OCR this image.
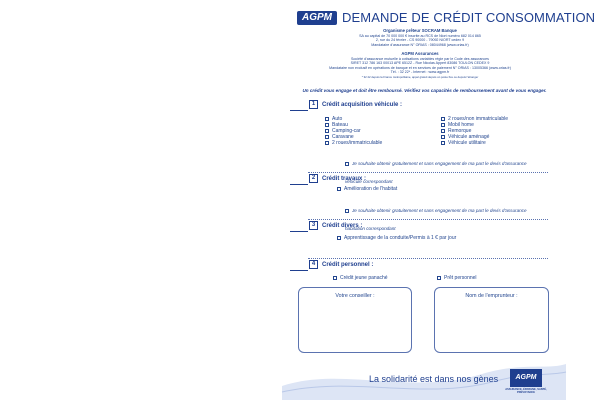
AGPM DEMANDE DE CRÉDIT CONSOMMATION
Organisme prêteur SOCRAM Banque
SA au capital de 70 000 000 € inscrite au RCS de Niort numéro 682 014 865
2, rue du 24 février - CS 90000 - 79092 NIORT cedex 9
Mandataire d'assurance N° ORIAS : 08044968 (www.orias.fr)
AGPM Assurances
Société d'assurance mutuelle à cotisations variables régie par le Code des assurances
SIRET 312 786 163 00013 APE 6512Z - Rue Nicolas Appert 83086 TOULON CEDEX 9
Mandataire non exclusif en opérations de banque et en services de paiement N° ORIAS : 13005366 (www.orias.fr)
Tél. : 32 22* - Internet : www.agpm.fr
* 32 22 depuis la France métropolitaine, appel gratuit depuis un poste fixe ou depuis l'étranger
Un crédit vous engage et doit être remboursé. Vérifiez vos capacités de remboursement avant de vous engager.
1 Crédit acquisition véhicule :
Auto
Bateau
Camping-car
Caravane
2 roues/immatriculable
2 roues/non immatriculable
Mobil home
Remorque
Véhicule aménagé
Véhicule utilitaire
Je souhaite obtenir gratuitement et sans engagement de ma part le devis d'assurance véhicule correspondant
2 Crédit travaux :
Amélioration de l'habitat
Je souhaite obtenir gratuitement et sans engagement de ma part le devis d'assurance habitation correspondant
3 Crédit divers :
Apprentissage de la conduite/Permis à 1 € par jour
4 Crédit personnel :
Crédit jeune panaché	Prêt personnel
Votre conseiller :	Nom de l'emprunteur :
La solidarité est dans nos gènes	AGPM
ASSURANCE, ÉPARGNE, SANTÉ, PRÉVOYANCE
